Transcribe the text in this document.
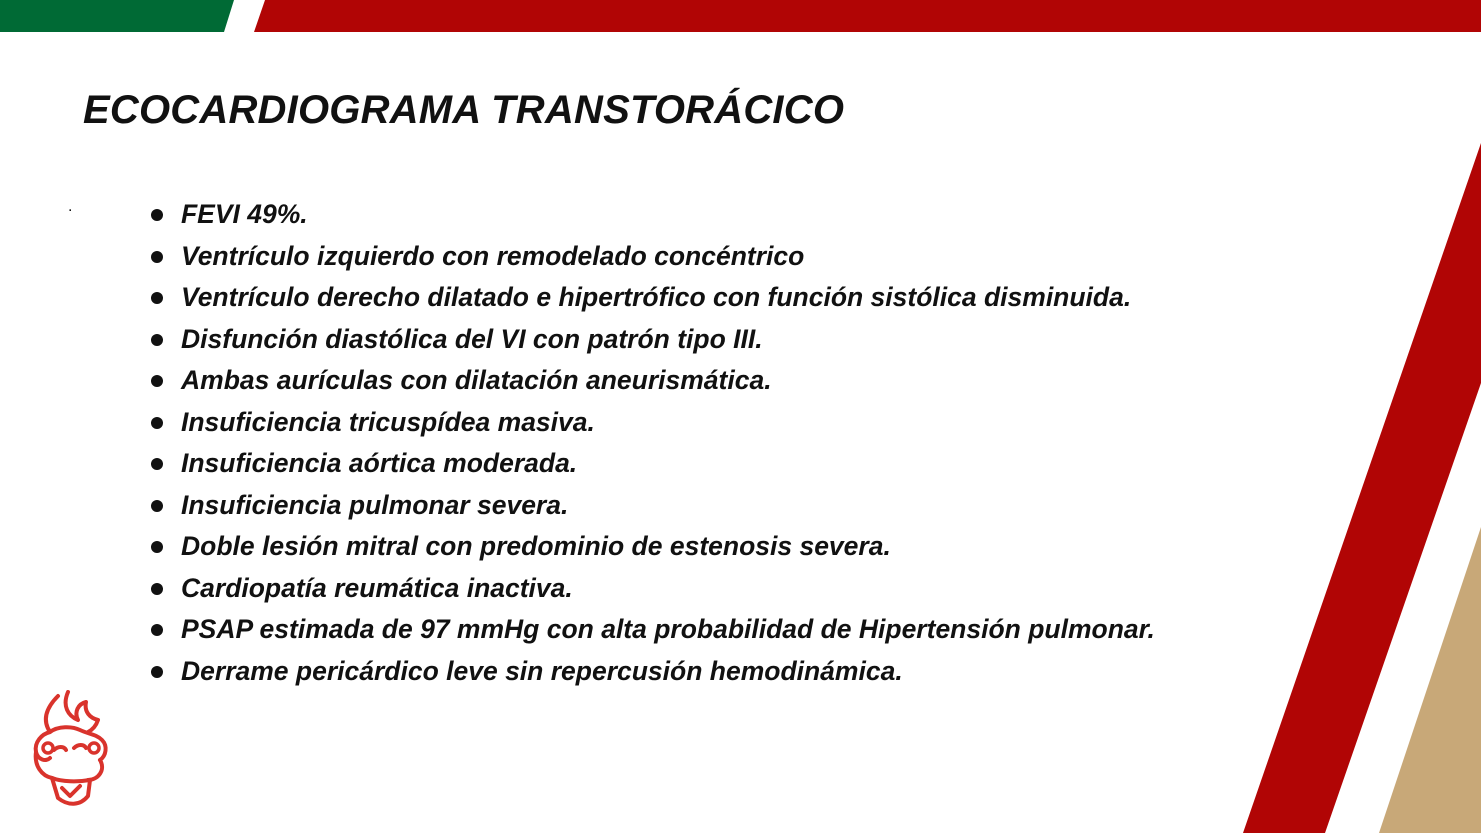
ECOCARDIOGRAMA TRANSTORÁCICO
.	FEVI 49%.
Ventrículo izquierdo con remodelado concéntrico
Ventrículo derecho dilatado e hipertrófico con función sistólica disminuida.
Disfunción diastólica del VI con patrón tipo III.
Ambas aurículas con dilatación aneurismática.
Insuficiencia tricuspídea masiva.
Insuficiencia aórtica moderada.
Insuficiencia pulmonar severa.
Doble lesión mitral con predominio de estenosis severa.
Cardiopatía reumática inactiva.
PSAP estimada de 97 mmHg con alta probabilidad de Hipertensión pulmonar.
Derrame pericárdico leve sin repercusión hemodinámica.
